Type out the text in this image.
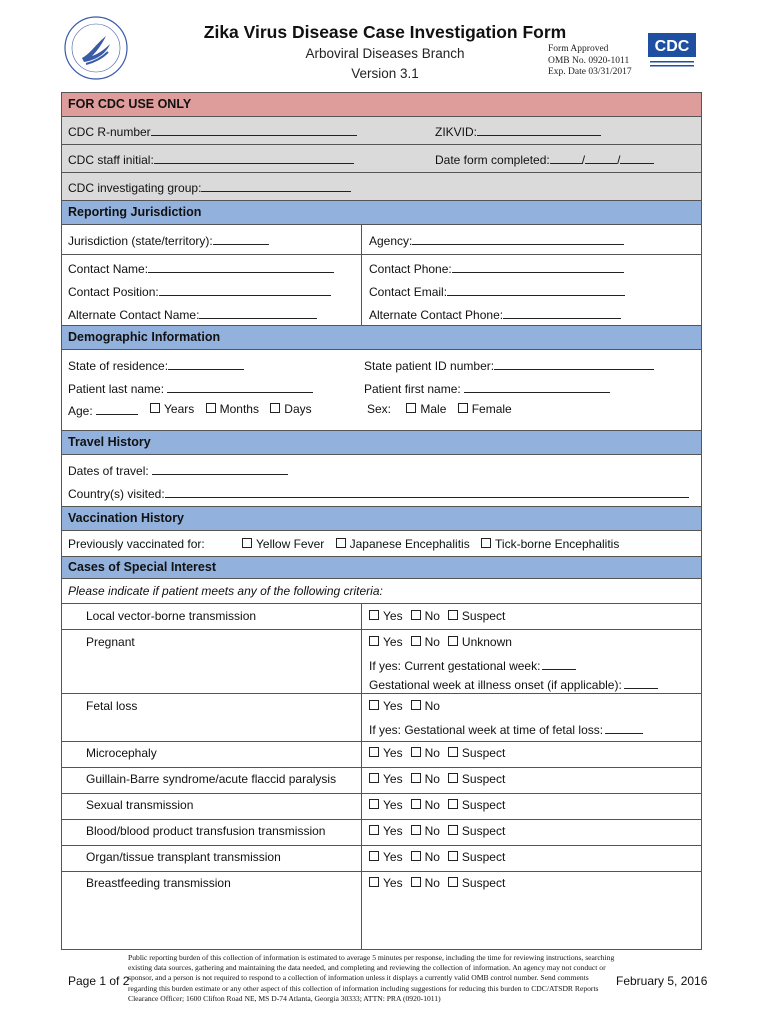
Zika Virus Disease Case Investigation Form
Arboviral Diseases Branch
Version 3.1
Form Approved
OMB No. 0920-1011
Exp. Date 03/31/2017
CDC
FOR CDC USE ONLY
CDC R-number	ZIKVID:
CDC staff initial:	Date form completed:	/	/
CDC investigating group:
Reporting Jurisdiction
Jurisdiction (state/territory):	Agency:
Contact Name:	Contact Phone:
Contact Position:	Contact Email:
Alternate Contact Name:	Alternate Contact Phone:
Demographic Information
State of residence:	State patient ID number:
Patient last name:	Patient first name:
Age:	Years Months Days	Sex: Male Female
Travel History
Dates of travel:
Country(s) visited:
Vaccination History
Previously vaccinated for:	Yellow Fever Japanese Encephalitis Tick-borne Encephalitis
Cases of Special Interest
Please indicate if patient meets any of the following criteria:
Local vector-borne transmission	Yes No Suspect
Pregnant	Yes No Unknown
If yes: Current gestational week:
Gestational week at illness onset (if applicable):
Fetal loss	Yes No
If yes: Gestational week at time of fetal loss:
Microcephaly	Yes No Suspect
Guillain-Barre syndrome/acute flaccid paralysis	Yes No Suspect
Sexual transmission	Yes No Suspect
Blood/blood product transfusion transmission	Yes No Suspect
Organ/tissue transplant transmission	Yes No Suspect
Breastfeeding transmission	Yes No Suspect
Public reporting burden of this collection of information is estimated to average 5 minutes per response, including the time for reviewing instructions, searching existing data sources, gathering and maintaining the data needed, and completing and reviewing the collection of information. An agency may not conduct or sponsor, and a person is not required to respond to a collection of information unless it displays a currently valid OMB control number. Send comments regarding this burden estimate or any other aspect of this collection of information including suggestions for reducing this burden to CDC/ATSDR Reports Clearance Officer; 1600 Clifton Road NE, MS D-74 Atlanta, Georgia 30333; ATTN: PRA (0920-1011)
Page 1 of 2	February 5, 2016
